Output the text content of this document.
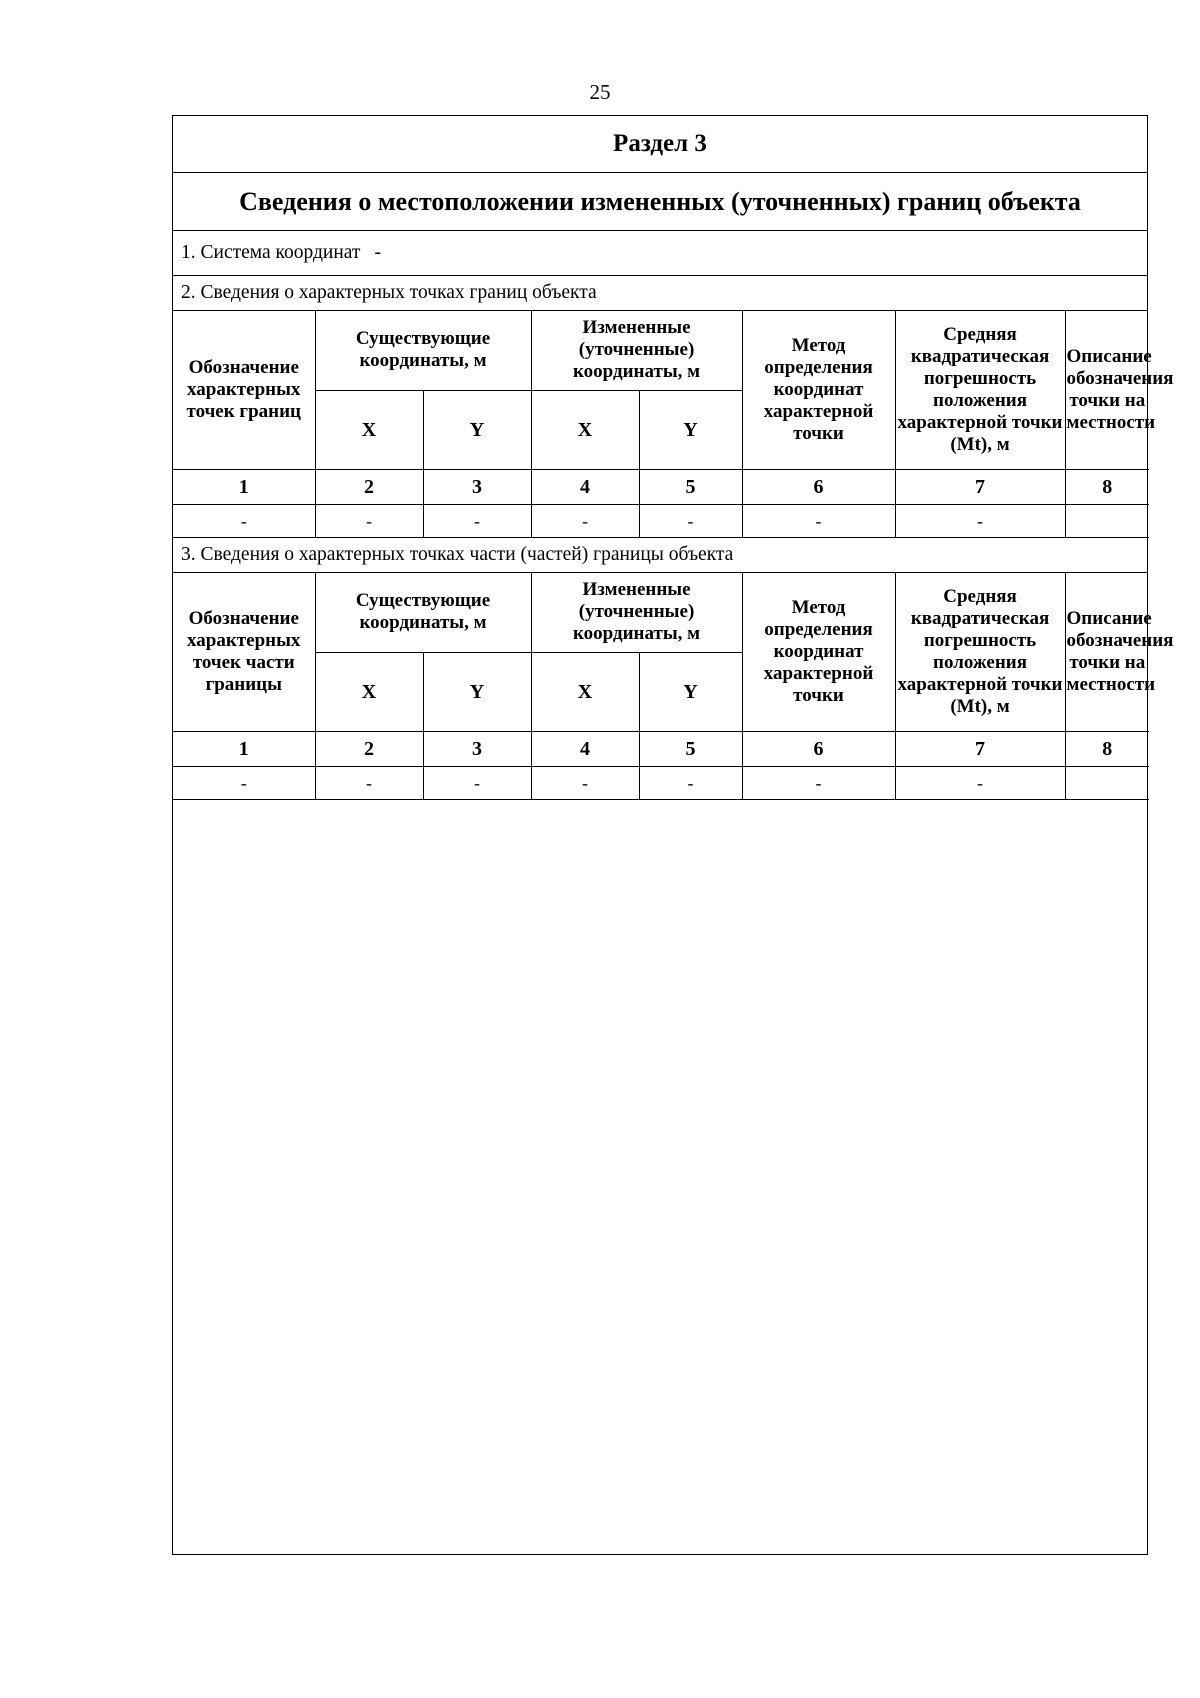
25
Раздел 3
Сведения о местоположении измененных (уточненных) границ объекта
1. Система координат -
2. Сведения о характерных точках границ объекта
Обозначение характерных точек границ	Существующие координаты, м		Измененные (уточненные) координаты, м		Метод определения координат характерной точки	Средняя квадратическая погрешность положения характерной точки (Mt), м	Описание обозначения точки на местности

	X	Y	X	Y			
1	2	3	4	5	6	7	8
-	-	-	-	-	-	-	
3. Сведения о характерных точках части (частей) границы объекта
Обозначение характерных точек части границы	Существующие координаты, м		Измененные (уточненные) координаты, м		Метод определения координат характерной точки	Средняя квадратическая погрешность положения характерной точки (Mt), м	Описание обозначения точки на местности

	X	Y	X	Y			
1	2	3	4	5	6	7	8
-	-	-	-	-	-	-	
